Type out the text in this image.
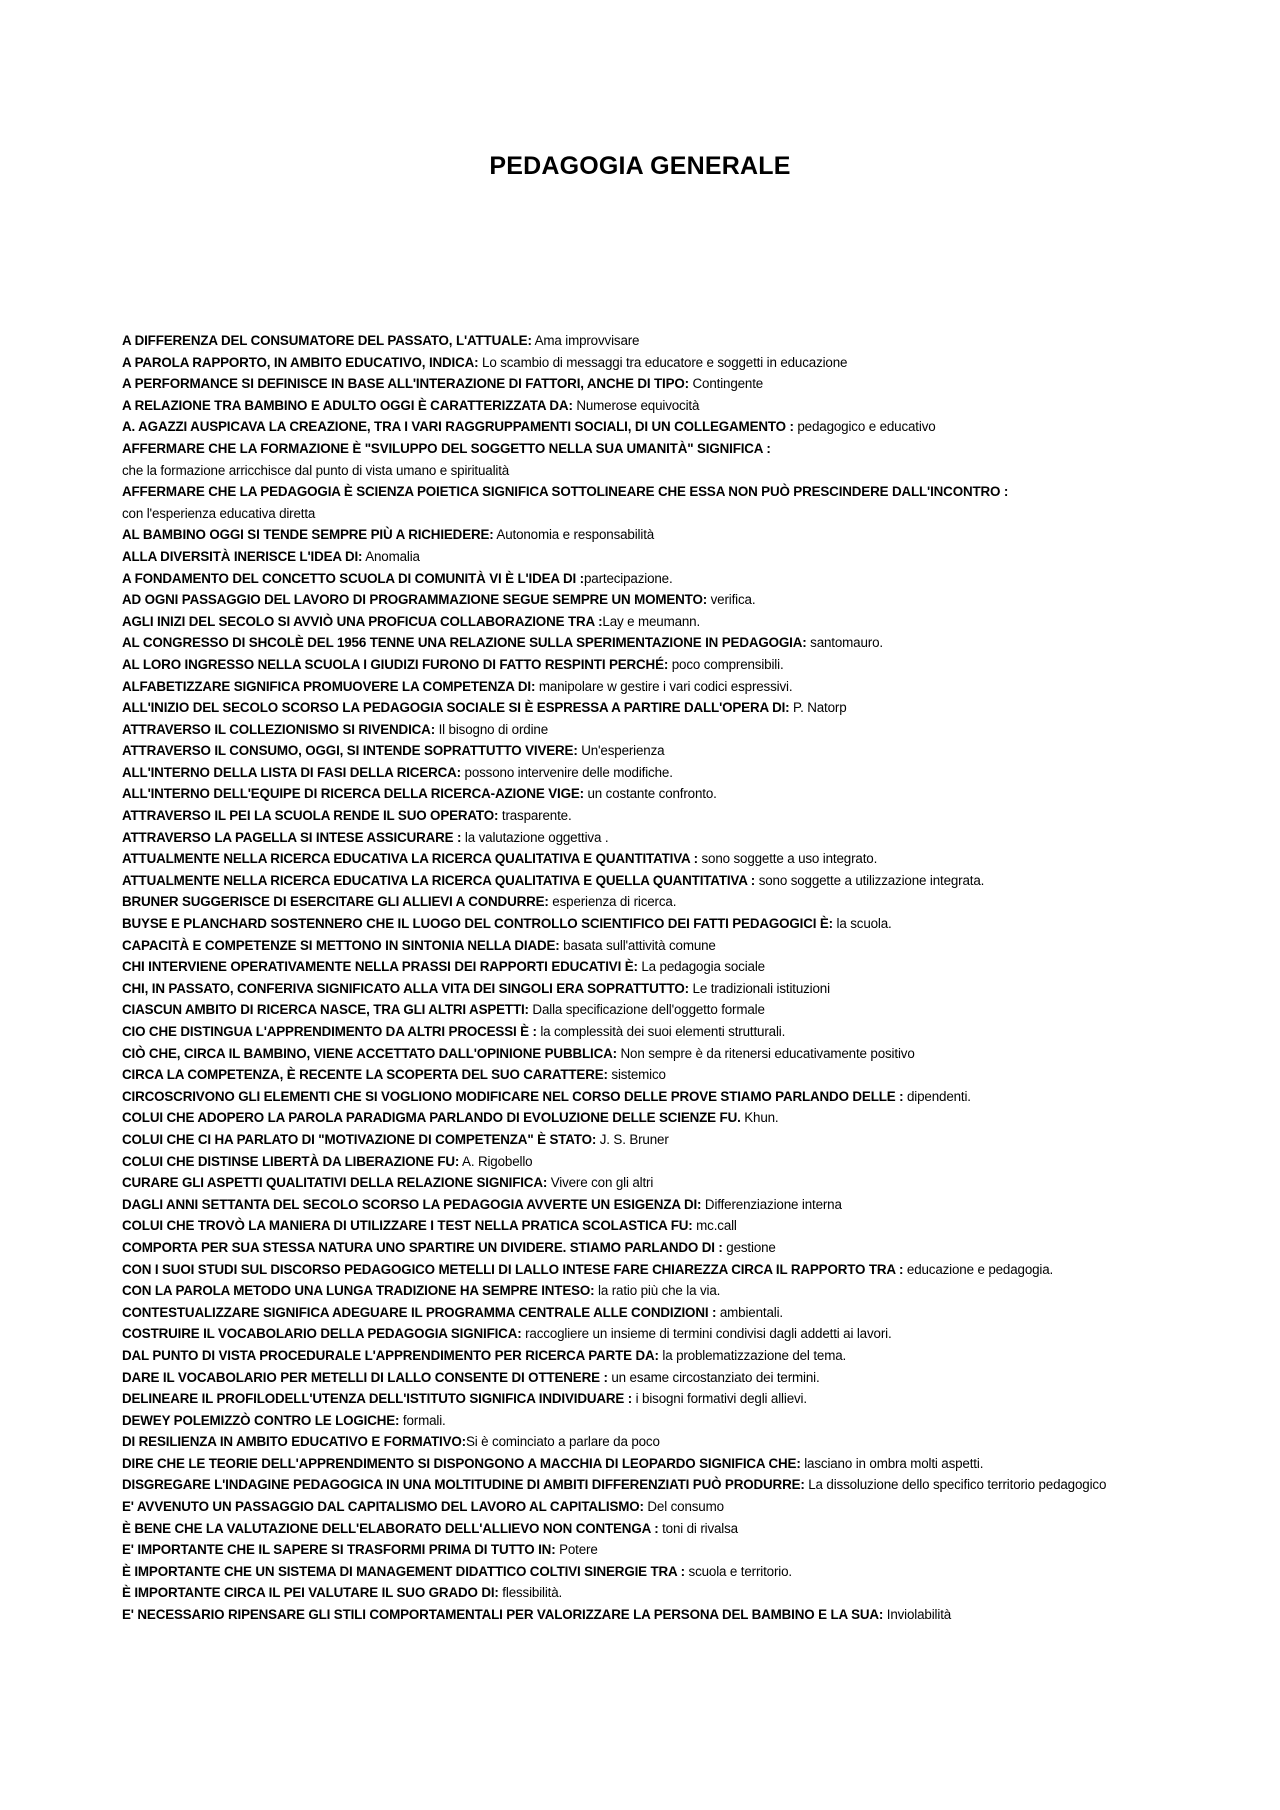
PEDAGOGIA GENERALE
A DIFFERENZA DEL CONSUMATORE DEL PASSATO, L'ATTUALE: Ama improvvisare
A PAROLA RAPPORTO, IN AMBITO EDUCATIVO, INDICA: Lo scambio di messaggi tra educatore e soggetti in educazione
A PERFORMANCE SI DEFINISCE IN BASE ALL'INTERAZIONE DI FATTORI, ANCHE DI TIPO: Contingente
A RELAZIONE TRA BAMBINO E ADULTO OGGI È CARATTERIZZATA DA: Numerose equivocità
A. AGAZZI AUSPICAVA LA CREAZIONE, TRA I VARI RAGGRUPPAMENTI SOCIALI, DI UN COLLEGAMENTO : pedagogico e educativo
AFFERMARE CHE LA FORMAZIONE È "SVILUPPO DEL SOGGETTO NELLA SUA UMANITÀ" SIGNIFICA :
che la formazione arricchisce dal punto di vista umano e spiritualità
AFFERMARE CHE LA PEDAGOGIA È SCIENZA POIETICA SIGNIFICA SOTTOLINEARE CHE ESSA NON PUÒ PRESCINDERE DALL'INCONTRO :
con l'esperienza educativa diretta
AL BAMBINO OGGI SI TENDE SEMPRE PIÙ A RICHIEDERE: Autonomia e responsabilità
ALLA DIVERSITÀ INERISCE L'IDEA DI: Anomalia
A FONDAMENTO DEL CONCETTO SCUOLA DI COMUNITÀ VI È L'IDEA DI :partecipazione.
AD OGNI PASSAGGIO DEL LAVORO DI PROGRAMMAZIONE SEGUE SEMPRE UN MOMENTO: verifica.
AGLI INIZI DEL SECOLO SI AVVIÒ UNA PROFICUA COLLABORAZIONE TRA :Lay e meumann.
AL CONGRESSO DI SHCOLÈ DEL 1956 TENNE UNA RELAZIONE SULLA SPERIMENTAZIONE IN PEDAGOGIA: santomauro.
AL LORO INGRESSO NELLA SCUOLA I GIUDIZI FURONO DI FATTO RESPINTI PERCHÉ: poco comprensibili.
ALFABETIZZARE SIGNIFICA PROMUOVERE LA COMPETENZA DI: manipolare w gestire i vari codici espressivi.
ALL'INIZIO DEL SECOLO SCORSO LA PEDAGOGIA SOCIALE SI È ESPRESSA A PARTIRE DALL'OPERA DI: P. Natorp
ATTRAVERSO IL COLLEZIONISMO SI RIVENDICA: Il bisogno di ordine
ATTRAVERSO IL CONSUMO, OGGI, SI INTENDE SOPRATTUTTO VIVERE: Un'esperienza
ALL'INTERNO DELLA LISTA DI FASI DELLA RICERCA: possono intervenire delle modifiche.
ALL'INTERNO DELL'EQUIPE DI RICERCA DELLA RICERCA-AZIONE VIGE: un costante confronto.
ATTRAVERSO IL PEI LA SCUOLA RENDE IL SUO OPERATO: trasparente.
ATTRAVERSO LA PAGELLA SI INTESE ASSICURARE : la valutazione oggettiva .
ATTUALMENTE NELLA RICERCA EDUCATIVA LA RICERCA QUALITATIVA E QUANTITATIVA : sono soggette a uso integrato.
ATTUALMENTE NELLA RICERCA EDUCATIVA LA RICERCA QUALITATIVA E QUELLA QUANTITATIVA : sono soggette a utilizzazione integrata.
BRUNER SUGGERISCE DI ESERCITARE GLI ALLIEVI A CONDURRE: esperienza di ricerca.
BUYSE E PLANCHARD SOSTENNERO CHE IL LUOGO DEL CONTROLLO SCIENTIFICO DEI FATTI PEDAGOGICI È: la scuola.
CAPACITÀ E COMPETENZE SI METTONO IN SINTONIA NELLA DIADE: basata sull'attività comune
CHI INTERVIENE OPERATIVAMENTE NELLA PRASSI DEI RAPPORTI EDUCATIVI È: La pedagogia sociale
CHI, IN PASSATO, CONFERIVA SIGNIFICATO ALLA VITA DEI SINGOLI ERA SOPRATTUTTO: Le tradizionali istituzioni
CIASCUN AMBITO DI RICERCA NASCE, TRA GLI ALTRI ASPETTI: Dalla specificazione dell'oggetto formale
CIO CHE DISTINGUA L'APPRENDIMENTO DA ALTRI PROCESSI È : la complessità dei suoi elementi strutturali.
CIÒ CHE, CIRCA IL BAMBINO, VIENE ACCETTATO DALL'OPINIONE PUBBLICA: Non sempre è da ritenersi educativamente positivo
CIRCA LA COMPETENZA, È RECENTE LA SCOPERTA DEL SUO CARATTERE: sistemico
CIRCOSCRIVONO GLI ELEMENTI CHE SI VOGLIONO MODIFICARE NEL CORSO DELLE PROVE STIAMO PARLANDO DELLE : dipendenti.
COLUI CHE ADOPERO LA PAROLA PARADIGMA PARLANDO DI EVOLUZIONE DELLE SCIENZE FU. Khun.
COLUI CHE CI HA PARLATO DI "MOTIVAZIONE DI COMPETENZA" È STATO: J. S. Bruner
COLUI CHE DISTINSE LIBERTÀ DA LIBERAZIONE FU: A. Rigobello
CURARE GLI ASPETTI QUALITATIVI DELLA RELAZIONE SIGNIFICA: Vivere con gli altri
DAGLI ANNI SETTANTA DEL SECOLO SCORSO LA PEDAGOGIA AVVERTE UN ESIGENZA DI: Differenziazione interna
COLUI CHE TROVÒ LA MANIERA DI UTILIZZARE I TEST NELLA PRATICA SCOLASTICA FU: mc.call
COMPORTA PER SUA STESSA NATURA UNO SPARTIRE UN DIVIDERE. STIAMO PARLANDO DI : gestione
CON I SUOI STUDI SUL DISCORSO PEDAGOGICO METELLI DI LALLO INTESE FARE CHIAREZZA CIRCA IL RAPPORTO TRA : educazione e pedagogia.
CON LA PAROLA METODO UNA LUNGA TRADIZIONE HA SEMPRE INTESO: la ratio più che la via.
CONTESTUALIZZARE SIGNIFICA ADEGUARE IL PROGRAMMA CENTRALE ALLE CONDIZIONI : ambientali.
COSTRUIRE IL VOCABOLARIO DELLA PEDAGOGIA SIGNIFICA: raccogliere un insieme di termini condivisi dagli addetti ai lavori.
DAL PUNTO DI VISTA PROCEDURALE L'APPRENDIMENTO PER RICERCA PARTE DA: la problematizzazione del tema.
DARE IL VOCABOLARIO PER METELLI DI LALLO CONSENTE DI OTTENERE : un esame circostanziato dei termini.
DELINEARE IL PROFILODELL'UTENZA DELL'ISTITUTO SIGNIFICA INDIVIDUARE : i bisogni formativi degli allievi.
DEWEY POLEMIZZÒ CONTRO LE LOGICHE: formali.
DI RESILIENZA IN AMBITO EDUCATIVO E FORMATIVO:Si è cominciato a parlare da poco
DIRE CHE LE TEORIE DELL'APPRENDIMENTO SI DISPONGONO A MACCHIA DI LEOPARDO SIGNIFICA CHE: lasciano in ombra molti aspetti.
DISGREGARE L'INDAGINE PEDAGOGICA IN UNA MOLTITUDINE DI AMBITI DIFFERENZIATI PUÒ PRODURRE: La dissoluzione dello specifico territorio pedagogico
E' AVVENUTO UN PASSAGGIO DAL CAPITALISMO DEL LAVORO AL CAPITALISMO: Del consumo
È BENE CHE LA VALUTAZIONE DELL'ELABORATO DELL'ALLIEVO NON CONTENGA : toni di rivalsa
E' IMPORTANTE CHE IL SAPERE SI TRASFORMI PRIMA DI TUTTO IN: Potere
È IMPORTANTE CHE UN SISTEMA DI MANAGEMENT DIDATTICO COLTIVI SINERGIE TRA : scuola e territorio.
È IMPORTANTE CIRCA IL PEI VALUTARE IL SUO GRADO DI: flessibilità.
E' NECESSARIO RIPENSARE GLI STILI COMPORTAMENTALI PER VALORIZZARE LA PERSONA DEL BAMBINO E LA SUA: Inviolabilità
